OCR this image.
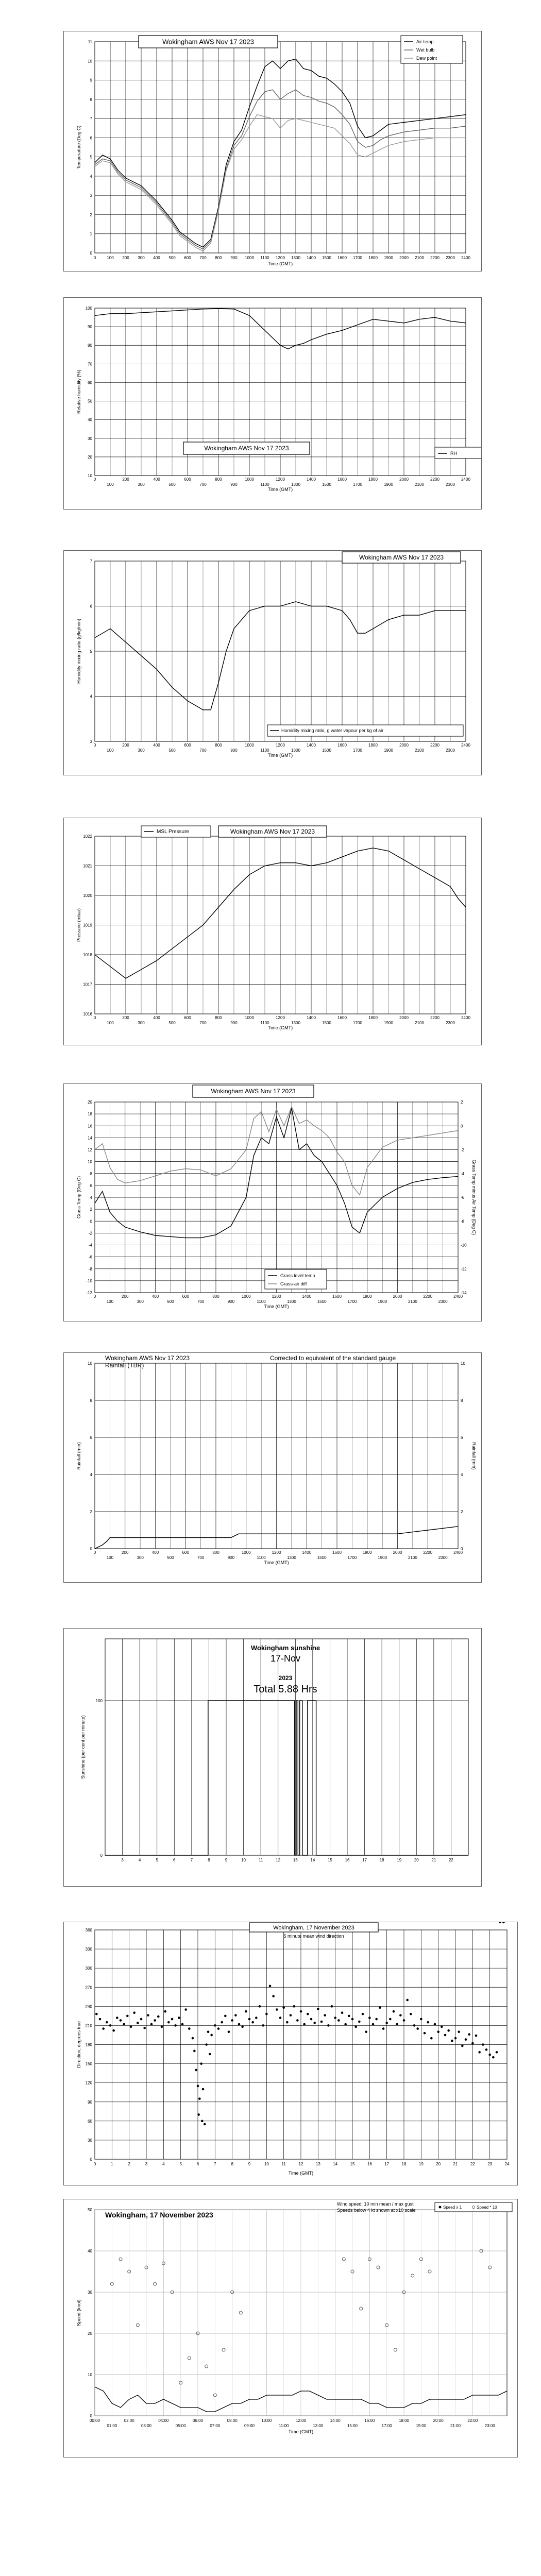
0
1
2
3
4
5
6
7
8
9
10
11
0	100 200 300 400 500 600 700 800 900 1000 1100 1200 1300 1400 1500 1600 1700 1800 1900 2000 2100 2200 2300 2400
Time (GMT)
Temperature (Deg C)
Wokingham AWS Nov 17 2023	Air temp
Wet bulb
Dew point
10
20
30
40
50
60
70
80
90
100
0	200	400	600	800	1000	1200	1400	1600	1800	2000	2200	2400
100	300	500	700	900	1100	1300	1500	1700	1900	2100	2300
Time (GMT)
Relative humidity (%)
Wokingham AWS Nov 17 2023
RH
3
4
5
6
7
0	200	400	600	800	1000	1200	1400	1600	1800	2000	2200	2400
100	300	500	700	900	1100	1300	1500	1700	1900	2100	2300
Time (GMT)
Humidity mixing ratio (g/kg/min)
Wokingham AWS Nov 17 2023
Humidity mixing ratio, g water vapour per kg of air
1016
1017
1018
1019
1020
1021
1022
0	200	400	600	800	1000	1200	1400	1600	1800	2000	2200	2400
100	300	500	700	900	1100	1300	1500	1700	1900	2100	2300
Time (GMT)
Pressure (mbar)
Wokingham AWS Nov 17 2023
MSL Pressure
-12
-10
-8
-6
-4
-2
0
2
4
6
8
10
12
14
16
18
20
-14
-12
-10
-8
-6
-4
-2
0
2
0	200	400	600	800	1000	1200	1400	1600	1800	2000	2200	2400
100	300	500	700	900	1100	1300	1500	1700	1900	2100	2300
Time (GMT)
Grass Temp (Deg C)	Grass Temp minus Air Temp (Deg C)
Wokingham AWS Nov 17 2023
Grass level temp
Grass-air diff
0
2
4
6
8
10
0
2
4
6
8
10
0	200	400	600	800	1000	1200	1400	1600	1800	2000	2200	2400
100	300	500	700	900	1100	1300	1500	1700	1900	2100	2300
Time (GMT)
Rainfall (mm)	Rainfall (mm)
Wokingham AWS Nov 17 2023
Rainfall (TBR)
Corrected to equivalent of the standard gauge
0
100
3	4	5	6	7	8	9	10	11	12	13	14	15	16	17	18	19	20	21	22
Sunshine (per cent per minute)
Wokingham sunshine
17-Nov
2023
Total 5.88 Hrs
0
30
60
90
120
150
180
210
240
270
300
330
360
0	1	2	3	4	5	6	7	8	9	10	11	12	13	14	15	16	17	18	19	20	21	22	23	24
Time (GMT)
Direction, degrees true
Wokingham, 17 November 2023
5 minute mean wind direction
0
10
20
30
40
50
00:00	02:00	04:00	06:00	08:00	10:00	12:00	14:00	16:00	18:00	20:00	22:00
01:00	03:00	05:00	07:00	09:00	11:00	13:00	15:00	17:00	19:00	21:00	23:00
Time (GMT)
Speed (knot)
Wokingham, 17 November 2023
Wind speed: 10 min mean / max gust
Speeds below 4 kt shown at x10 scale
Speed x 1	Speed * 10
